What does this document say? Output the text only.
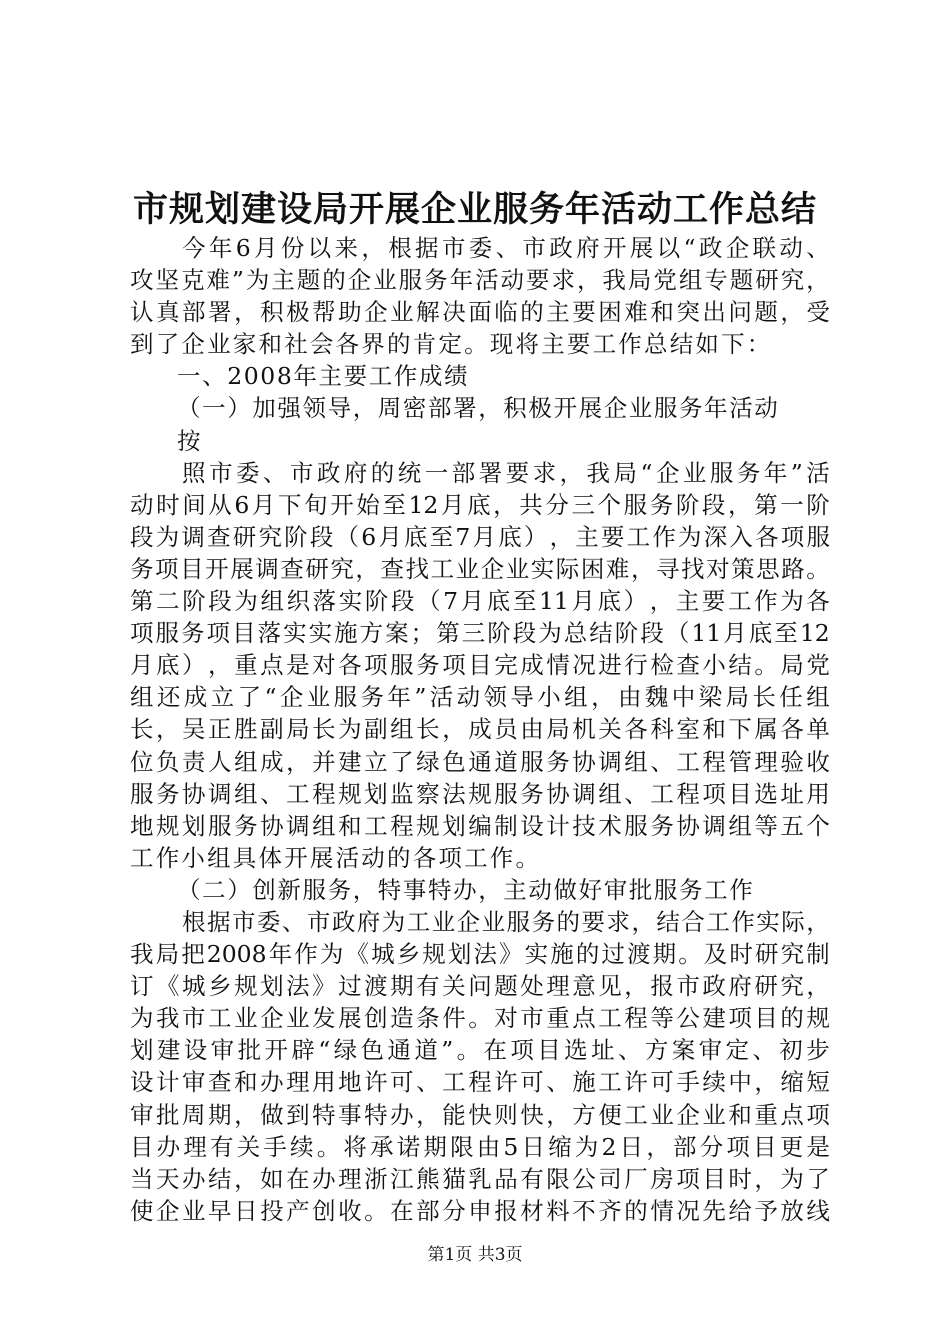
市规划建设局开展企业服务年活动工作总结
今 年 6 月 份 以 来 ， 根 据 市 委 、 市 政 府 开 展 以 “ 政 企 联 动 、
攻 坚 克 难 ” 为 主 题 的 企 业 服 务 年 活 动 要 求 ， 我 局 党 组 专 题 研 究 ，
认 真 部 署 ， 积 极 帮 助 企 业 解 决 面 临 的 主 要 困 难 和 突 出 问 题 ， 受
到了企业家和社会各界的肯定。现将主要工作总结如下：
一、2008年主要工作成绩
（一）加强领导，周密部署，积极开展企业服务年活动
按
照 市 委 、 市 政 府 的 统 一 部 署 要 求 ， 我 局 “ 企 业 服 务 年 ” 活
动 时 间 从 6 月 下 旬 开 始 至 12 月 底 ， 共 分 三 个 服 务 阶 段 ， 第 一 阶
段 为 调 查 研 究 阶 段 （ 6 月 底 至 7 月 底 ） ， 主 要 工 作 为 深 入 各 项 服
务 项 目 开 展 调 查 研 究 ， 查 找 工 业 企 业 实 际 困 难 ， 寻 找 对 策 思 路 。
第 二 阶 段 为 组 织 落 实 阶 段 （ 7 月 底 至 11 月 底 ） ， 主 要 工 作 为 各
项 服 务 项 目 落 实 实 施 方 案 ； 第 三 阶 段 为 总 结 阶 段 （ 11 月 底 至 12
月 底 ） ， 重 点 是 对 各 项 服 务 项 目 完 成 情 况 进 行 检 查 小 结 。 局 党
组 还 成 立 了 “ 企 业 服 务 年 ” 活 动 领 导 小 组 ， 由 魏 中 梁 局 长 任 组
长 ， 吴 正 胜 副 局 长 为 副 组 长 ， 成 员 由 局 机 关 各 科 室 和 下 属 各 单
位 负 责 人 组 成 ， 并 建 立 了 绿 色 通 道 服 务 协 调 组 、 工 程 管 理 验 收
服 务 协 调 组 、 工 程 规 划 监 察 法 规 服 务 协 调 组 、 工 程 项 目 选 址 用
地 规 划 服 务 协 调 组 和 工 程 规 划 编 制 设 计 技 术 服 务 协 调 组 等 五 个
工作小组具体开展活动的各项工作。
（二）创新服务，特事特办，主动做好审批服务工作
根 据 市 委 、 市 政 府 为 工 业 企 业 服 务 的 要 求 ， 结 合 工 作 实 际 ，
我 局 把 2008 年 作 为 《 城 乡 规 划 法 》 实 施 的 过 渡 期 。 及 时 研 究 制
订 《 城 乡 规 划 法 》 过 渡 期 有 关 问 题 处 理 意 见 ， 报 市 政 府 研 究 ，
为 我 市 工 业 企 业 发 展 创 造 条 件 。 对 市 重 点 工 程 等 公 建 项 目 的 规
划 建 设 审 批 开 辟 “ 绿 色 通 道 ” 。 在 项 目 选 址 、 方 案 审 定 、 初 步
设 计 审 查 和 办 理 用 地 许 可 、 工 程 许 可 、 施 工 许 可 手 续 中 ， 缩 短
审 批 周 期 ， 做 到 特 事 特 办 ， 能 快 则 快 ， 方 便 工 业 企 业 和 重 点 项
目 办 理 有 关 手 续 。 将 承 诺 期 限 由 5 日 缩 为 2 日 ， 部 分 项 目 更 是
当 天 办 结 ， 如 在 办 理 浙 江 熊 猫 乳 品 有 限 公 司 厂 房 项 目 时 ， 为 了
使 企 业 早 日 投 产 创 收 。 在 部 分 申 报 材 料 不 齐 的 情 况 先 给 予 放 线
第1页 共3页
